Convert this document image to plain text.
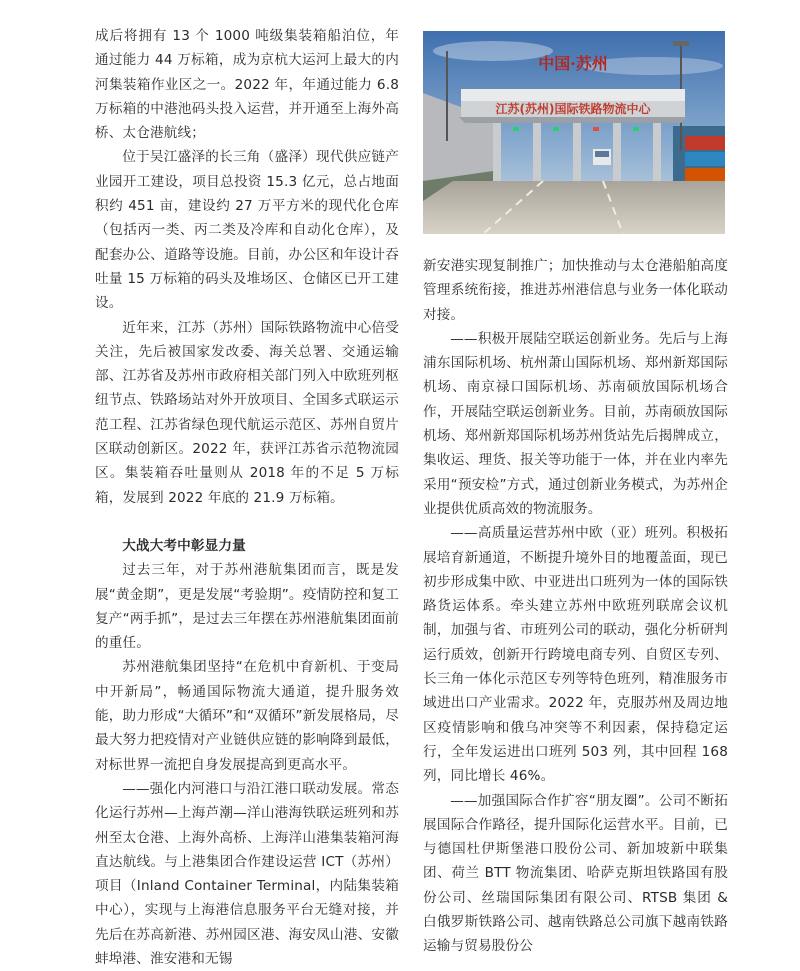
成后将拥有 13 个 1000 吨级集装箱船泊位，年通过能力 44 万标箱，成为京杭大运河上最大的内河集装箱作业区之一。2022 年，年通过能力 6.8 万标箱的中港池码头投入运营，并开通至上海外高桥、太仓港航线；

位于吴江盛泽的长三角（盛泽）现代供应链产业园开工建设，项目总投资 15.3 亿元，总占地面积约 451 亩，建设约 27 万平方米的现代化仓库（包括丙一类、丙二类及冷库和自动化仓库），及配套办公、道路等设施。目前，办公区和年设计吞吐量 15 万标箱的码头及堆场区、仓储区已开工建设。

近年来，江苏（苏州）国际铁路物流中心倍受关注，先后被国家发改委、海关总署、交通运输部、江苏省及苏州市政府相关部门列入中欧班列枢纽节点、铁路场站对外开放项目、全国多式联运示范工程、江苏省绿色现代航运示范区、苏州自贸片区联动创新区。2022 年，获评江苏省示范物流园区。集装箱吞吐量则从 2018 年的不足 5 万标箱，发展到 2022 年底的 21.9 万标箱。

大战大考中彰显力量

过去三年，对于苏州港航集团而言，既是发展“黄金期”，更是发展“考验期”。疫情防控和复工复产“两手抓”，是过去三年摆在苏州港航集团面前的重任。

苏州港航集团坚持“在危机中育新机、于变局中开新局”，畅通国际物流大通道，提升服务效能，助力形成“大循环”和“双循环”新发展格局，尽最大努力把疫情对产业链供应链的影响降到最低，对标世界一流把自身发展提高到更高水平。

——强化内河港口与沿江港口联动发展。常态化运行苏州—上海芦潮—洋山港海铁联运班列和苏州至太仓港、上海外高桥、上海洋山港集装箱河海直达航线。与上港集团合作建设运营 ICT（苏州）项目（Inland Container Terminal，内陆集装箱中心），实现与上海港信息服务平台无缝对接，并先后在苏高新港、苏州园区港、海安凤山港、安徽蚌埠港、淮安港和无锡

中国·苏州
江苏(苏州)国际铁路物流中心

新安港实现复制推广；加快推动与太仓港船舶高度管理系统衔接，推进苏州港信息与业务一体化联动对接。

——积极开展陆空联运创新业务。先后与上海浦东国际机场、杭州萧山国际机场、郑州新郑国际机场、南京禄口国际机场、苏南硕放国际机场合作，开展陆空联运创新业务。目前，苏南硕放国际机场、郑州新郑国际机场苏州货站先后揭牌成立，集收运、理货、报关等功能于一体，并在业内率先采用“预安检”方式，通过创新业务模式，为苏州企业提供优质高效的物流服务。

——高质量运营苏州中欧（亚）班列。积极拓展培育新通道，不断提升境外目的地覆盖面，现已初步形成集中欧、中亚进出口班列为一体的国际铁路货运体系。牵头建立苏州中欧班列联席会议机制，加强与省、市班列公司的联动，强化分析研判运行质效，创新开行跨境电商专列、自贸区专列、长三角一体化示范区专列等特色班列，精准服务市域进出口产业需求。2022 年，克服苏州及周边地区疫情影响和俄乌冲突等不利因素，保持稳定运行，全年发运进出口班列 503 列，其中回程 168 列，同比增长 46%。

——加强国际合作扩容“朋友圈”。公司不断拓展国际合作路径，提升国际化运营水平。目前，已与德国杜伊斯堡港口股份公司、新加坡新中联集团、荷兰 BTT 物流集团、哈萨克斯坦铁路国有股份公司、丝瑞国际集团有限公司、RTSB 集团 & 白俄罗斯铁路公司、越南铁路总公司旗下越南铁路运输与贸易股份公
